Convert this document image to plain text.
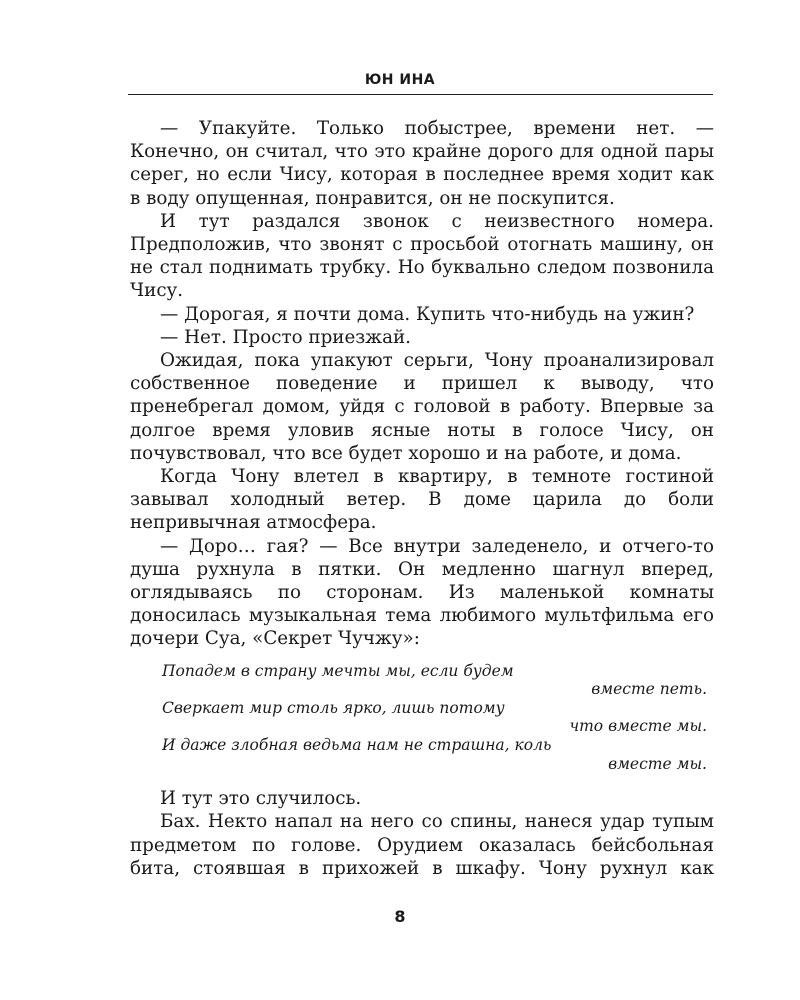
ЮН ИНА

— Упакуйте. Только побыстрее, времени нет. — Конечно, он считал, что это крайне дорого для одной пары серег, но если Чису, которая в последнее время ходит как в воду опущенная, понравится, он не поскупится.

И тут раздался звонок с неизвестного номера. Предположив, что звонят с просьбой отогнать машину, он не стал поднимать трубку. Но буквально следом позвонила Чису.

— Дорогая, я почти дома. Купить что-нибудь на ужин?

— Нет. Просто приезжай.

Ожидая, пока упакуют серьги, Чону проанализировал собственное поведение и пришел к выводу, что пренебрегал домом, уйдя с головой в работу. Впервые за долгое время уловив ясные ноты в голосе Чису, он почувствовал, что все будет хорошо и на работе, и дома.

Когда Чону влетел в квартиру, в темноте гостиной завывал холодный ветер. В доме царила до боли непривычная атмосфера.

— Доро… гая? — Все внутри заледенело, и отчего-то душа рухнула в пятки. Он медленно шагнул вперед, оглядываясь по сторонам. Из маленькой комнаты доносилась музыкальная тема любимого мультфильма его дочери Суа, «Секрет Чучжу»:

Попадем в страну мечты мы, если будем

вместе петь.

Сверкает мир столь ярко, лишь потому

что вместе мы.

И даже злобная ведьма нам не страшна, коль

вместе мы.

И тут это случилось.

Бах. Некто напал на него со спины, нанеся удар тупым предметом по голове. Орудием оказалась бейсбольная бита, стоявшая в прихожей в шкафу. Чону рухнул как

8
